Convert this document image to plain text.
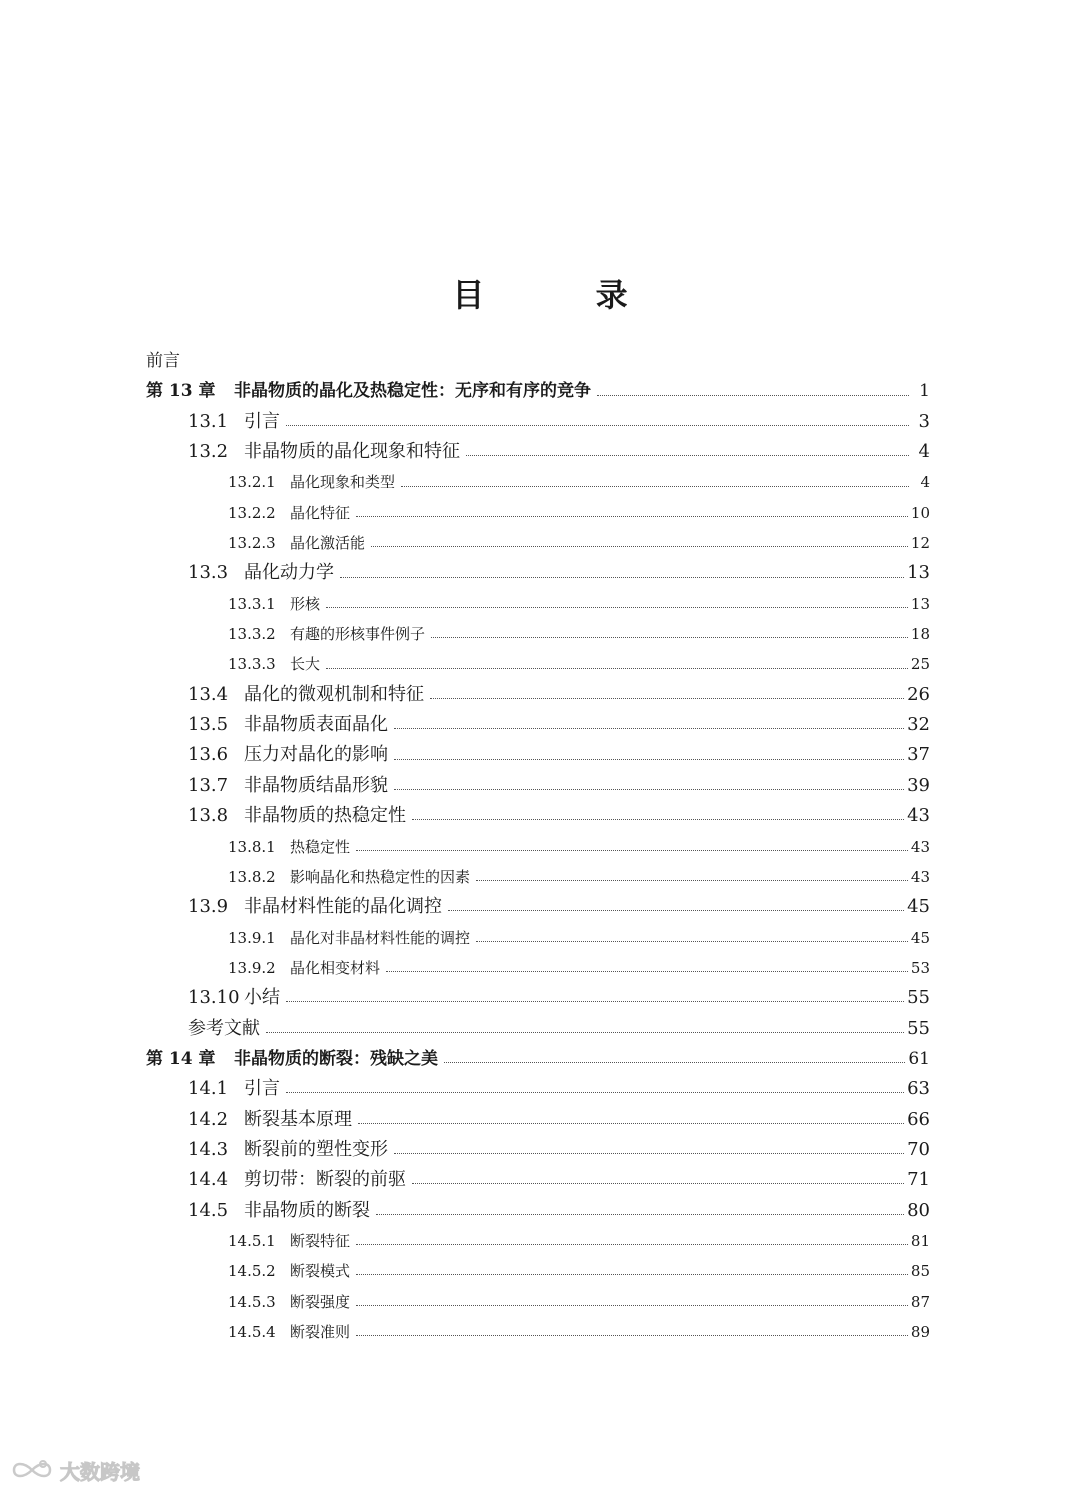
目 录
前言
第 13 章	非晶物质的晶化及热稳定性：无序和有序的竞争	1
13.1 引言	3
13.2 非晶物质的晶化现象和特征	4
13.2.1 晶化现象和类型	4
13.2.2 晶化特征	10
13.2.3 晶化激活能	12
13.3 晶化动力学	13
13.3.1 形核	13
13.3.2 有趣的形核事件例子	18
13.3.3 长大	25
13.4 晶化的微观机制和特征	26
13.5 非晶物质表面晶化	32
13.6 压力对晶化的影响	37
13.7 非晶物质结晶形貌	39
13.8 非晶物质的热稳定性	43
13.8.1 热稳定性	43
13.8.2 影响晶化和热稳定性的因素	43
13.9 非晶材料性能的晶化调控	45
13.9.1 晶化对非晶材料性能的调控	45
13.9.2 晶化相变材料	53
13.10 小结	55
参考文献	55
第 14 章	非晶物质的断裂：残缺之美	61
14.1 引言	63
14.2 断裂基本原理	66
14.3 断裂前的塑性变形	70
14.4 剪切带：断裂的前驱	71
14.5 非晶物质的断裂	80
14.5.1 断裂特征	81
14.5.2 断裂模式	85
14.5.3 断裂强度	87
14.5.4 断裂准则	89
大数跨境
